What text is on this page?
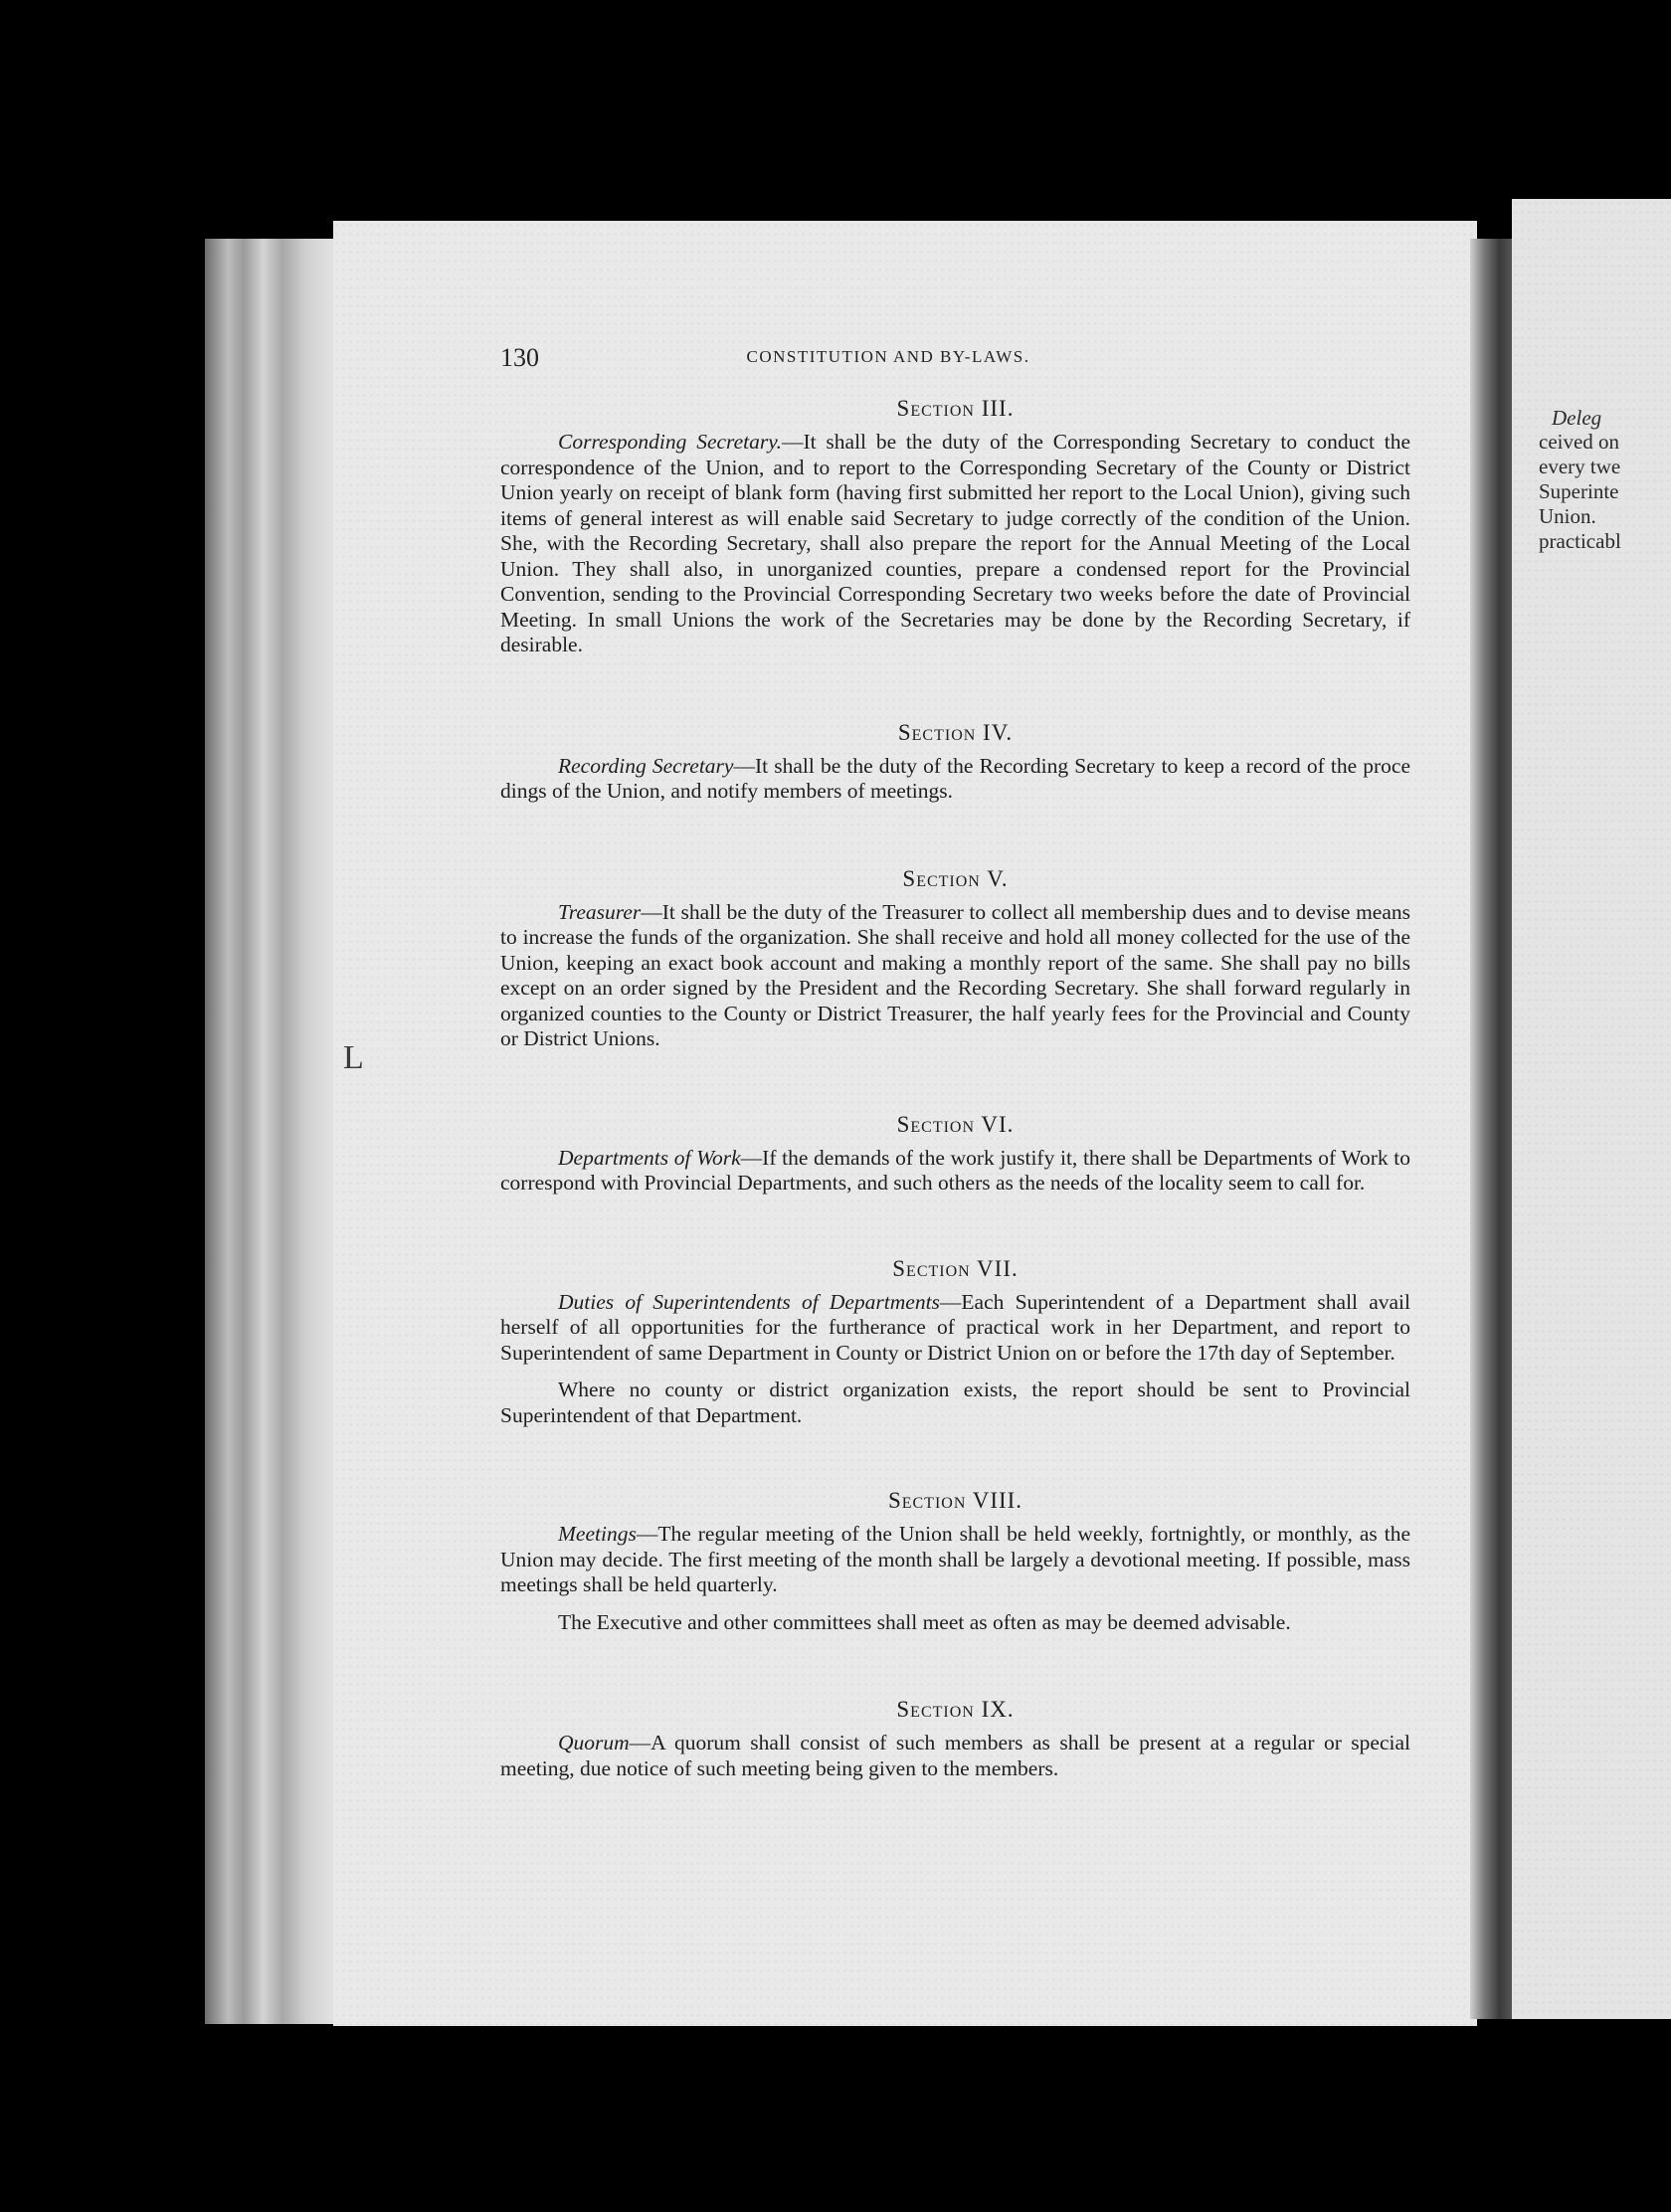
Deleg
ceived on
every twe
Superinte
Union.
practicabl
L
130	CONSTITUTION AND BY-LAWS.
Section III.

Corresponding Secretary.—It shall be the duty of the Corresponding Secretary to conduct the correspondence of the Union, and to report to the Corresponding Secretary of the County or District Union yearly on receipt of blank form (having first submitted her report to the Local Union), giving such items of general interest as will enable said Secretary to judge correctly of the condition of the Union. She, with the Recording Secretary, shall also prepare the report for the Annual Meeting of the Local Union. They shall also, in unorganized counties, prepare a condensed report for the Provincial Convention, sending to the Provincial Corresponding Secretary two weeks before the date of Provincial Meeting. In small Unions the work of the Secretaries may be done by the Recording Secretary, if desirable.

Section IV.

Recording Secretary—It shall be the duty of the Recording Secretary to keep a record of the proce dings of the Union, and notify members of meetings.

Section V.

Treasurer—It shall be the duty of the Treasurer to collect all membership dues and to devise means to increase the funds of the organization. She shall receive and hold all money collected for the use of the Union, keeping an exact book account and making a monthly report of the same. She shall pay no bills except on an order signed by the President and the Recording Secretary. She shall forward regularly in organized counties to the County or District Treasurer, the half yearly fees for the Provincial and County or District Unions.

Section VI.

Departments of Work—If the demands of the work justify it, there shall be Departments of Work to correspond with Provincial Departments, and such others as the needs of the locality seem to call for.

Section VII.

Duties of Superintendents of Departments—Each Superintendent of a Department shall avail herself of all opportunities for the furtherance of practical work in her Department, and report to Superintendent of same Department in County or District Union on or before the 17th day of September.

Where no county or district organization exists, the report should be sent to Provincial Superintendent of that Department.

Section VIII.

Meetings—The regular meeting of the Union shall be held weekly, fortnightly, or monthly, as the Union may decide. The first meeting of the month shall be largely a devotional meeting. If possible, mass meetings shall be held quarterly.

The Executive and other committees shall meet as often as may be deemed advisable.

Section IX.

Quorum—A quorum shall consist of such members as shall be present at a regular or special meeting, due notice of such meeting being given to the members.
